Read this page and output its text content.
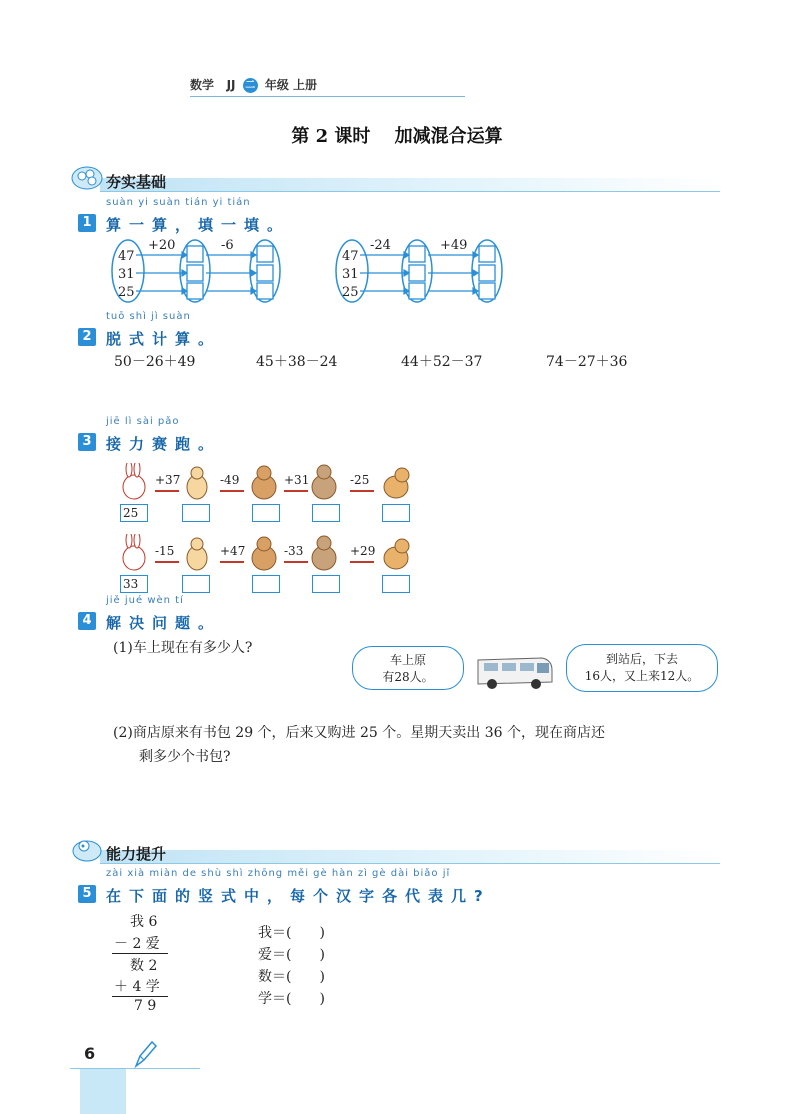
数学 JJ 二 年级 上册
第 2 课时　 加减混合运算
夯实基础
suàn yi suàn tián yi tián
1 算一算，填一填。
47
31
25
+20	-6
47
31
25
-24	+49
tuō shì jì suàn
2 脱式计算。
50－26＋49	45＋38－24	44＋52－37	74－27＋36
jiē lì sài pǎo
3 接力赛跑。
+37	-49	+31	-25
25
-15	+47	-33	+29
33
jiě jué wèn tí
4 解决问题。
(1)车上现在有多少人?
车上原
有28人。
到站后，下去
16人，又上来12人。
(2)商店原来有书包 29 个，后来又购进 25 个。星期天卖出 36 个，现在商店还
剩多少个书包?
能力提升
zài xià miàn de shù shì zhōng měi gè hàn zì gè dài biǎo jǐ
5 在下面的竖式中，每个汉字各代表几?
我 6
－ 2 爱
数 2
＋ 4 学
7 9
我＝(　　)
爱＝(　　)
数＝(　　)
学＝(　　)
6
